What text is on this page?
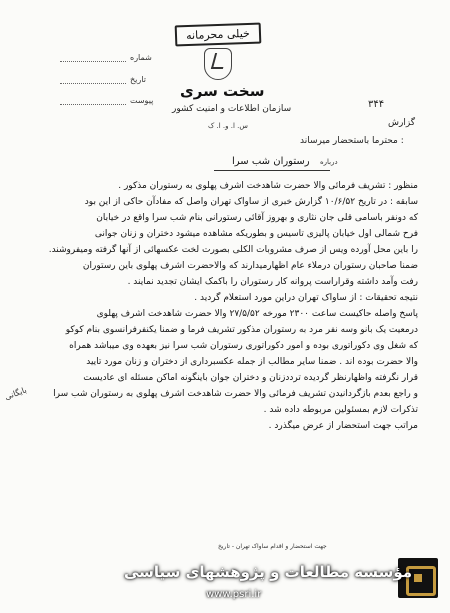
خیلی محرمانه
سخت سری
سازمان اطلاعات و امنیت کشور
س. ا. و. ا. ک
شماره
تاریخ
پیوست	۳۴۴
گزارش
محترما باستحضار میرساند :
درباره
رستوران شب سرا
منظور : تشریف فرمائی والا حضرت شاهدخت اشرف پهلوی به رستوران مذکور .
سابقه : در تاریخ ۱۰/۶/۵۲ گزارش خبری از ساواک تهران واصل که مفادآن حاکی از این بود
که دونفر باسامی قلی جان نثاری و بهروز آقائی رستورانی بنام شب سرا واقع در خیابان
فرح شمالی اول خیابان پالیزی تاسیس و بطوریکه مشاهده میشود دختران و زنان جوانی
را باین محل آورده ویس از صرف مشروبات الکلی بصورت لخت عکسهائی از آنها گرفته ومیفروشند.
ضمنا صاحبان رستوران درملاء عام اظهارمیدارند که والاحضرت اشرف پهلوی باین رستوران
رفت وآمد داشته وقراراست پروانه کار رستوران را باکمک ایشان تجدید نمایند .
نتیجه تحقیقات : از ساواک تهران دراین مورد استعلام گردید .
پاسخ واصله حاکیست ساعت ۲۳۰۰ مورخه ۲۷/۵/۵۲ والا حضرت شاهدخت اشرف پهلوی
درمعیت یک بانو وسه نفر مرد به رستوران مذکور تشریف فرما و ضمنا یکنفرفرانسوی بنام کوکو
که شغل وی دکوراتوری بوده و امور دکوراتوری رستوران شب سرا نیز بعهده وی میباشد همراه
والا حضرت بوده اند . ضمنا سایر مطالب از جمله عکسبرداری از دختران و زنان مورد تایید
قرار نگرفته واظهارنظر گردیده ترددزنان و دختران جوان باینگونه اماکن مسئله ای عادیست
و راجع بعدم بازگردانیدن تشریف فرمائی والا حضرت شاهدخت اشرف پهلوی به رستوران شب سرا
تذکرات لازم بمسئولین مربوطه داده شد .
مراتب جهت استحضار از عرض میگذرد .
بایگانی
جهت استحضار و اقدام ساواک تهران - تاریخ
مؤسسه مطالعات و پژوهشهای سیاسی
www.psri.ir
